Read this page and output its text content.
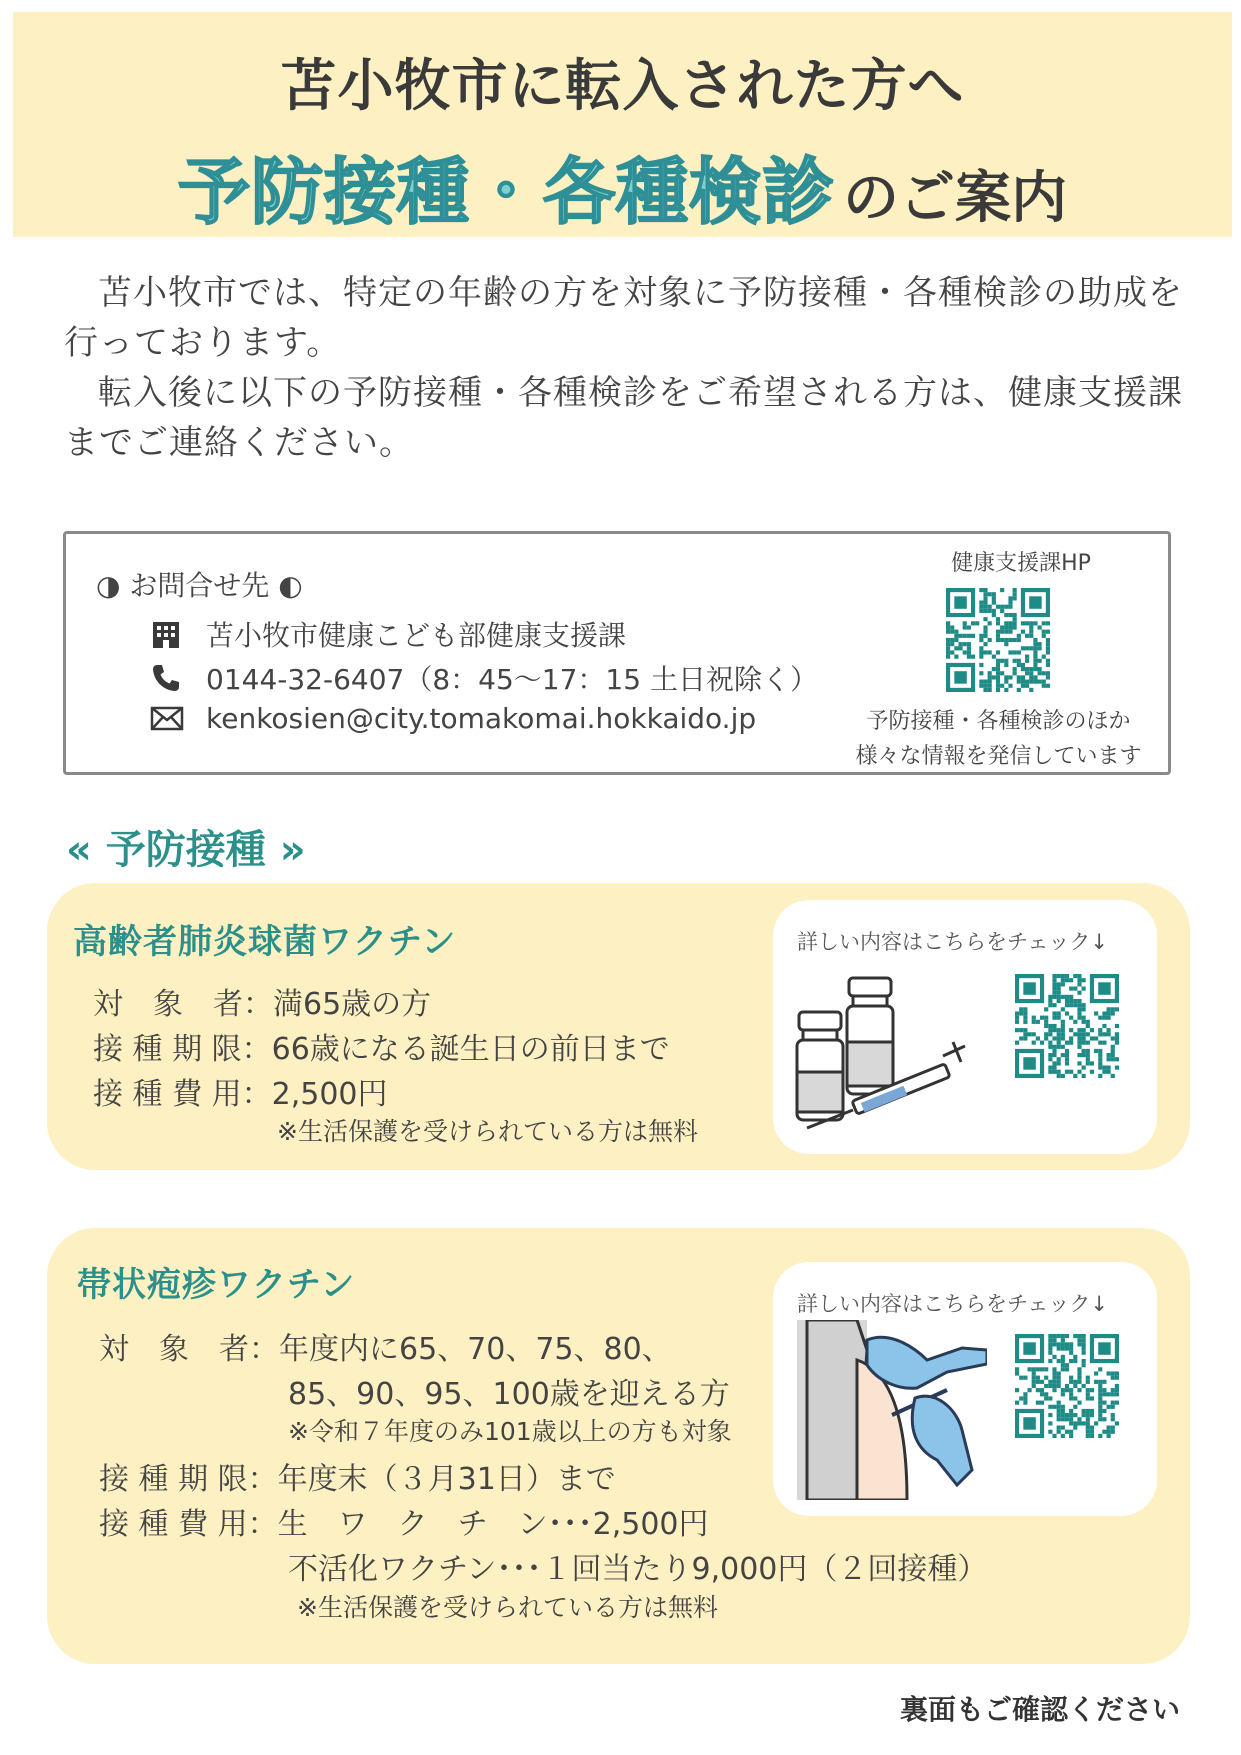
苫小牧市に転入された方へ
予防接種・各種検診 のご案内

苫小牧市では、特定の年齢の方を対象に予防接種・各種検診の助成を行っております。

転入後に以下の予防接種・各種検診をご希望される方は、健康支援課までご連絡ください。

◑ お問合せ先 ◐
苫小牧市健康こども部健康支援課
0144-32-6407（8：45～17：15 土日祝除く）
kenkosien@city.tomakomai.hokkaido.jp
健康支援課HP
予防接種・各種検診のほか
様々な情報を発信しています
« 予防接種 »
高齢者肺炎球菌ワクチン
対　象　者：満65歳の方
接 種 期 限：66歳になる誕生日の前日まで
接 種 費 用：2,500円
※生活保護を受けられている方は無料
詳しい内容はこちらをチェック↓
帯状疱疹ワクチン
対　象　者：年度内に65、70、75、80、
85、90、95、100歳を迎える方
※令和７年度のみ101歳以上の方も対象
接 種 期 限：年度末（３月31日）まで
接 種 費 用：生　ワ　ク　チ　ン･･･2,500円
不活化ワクチン･･･１回当たり9,000円（２回接種）
※生活保護を受けられている方は無料
詳しい内容はこちらをチェック↓
裏面もご確認ください
